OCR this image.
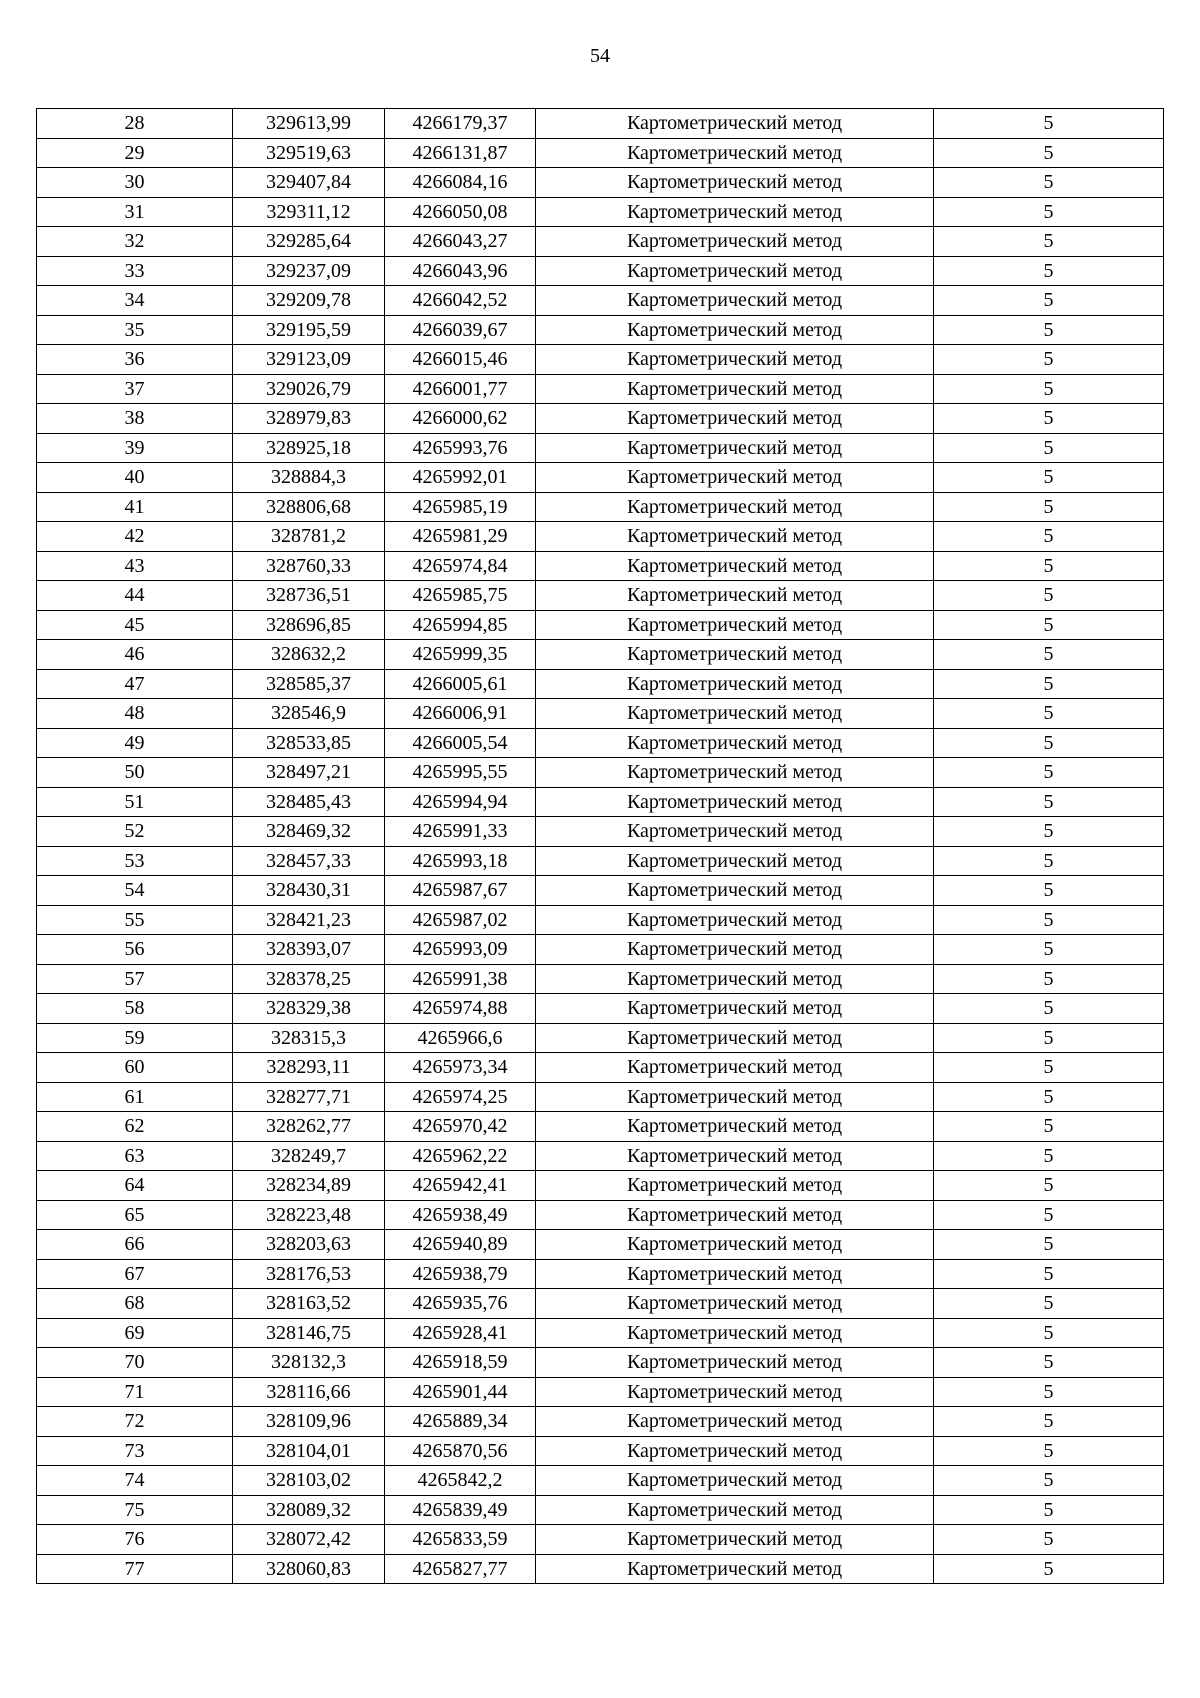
54
28	329613,99	4266179,37	Картометрический метод	5
29	329519,63	4266131,87	Картометрический метод	5
30	329407,84	4266084,16	Картометрический метод	5
31	329311,12	4266050,08	Картометрический метод	5
32	329285,64	4266043,27	Картометрический метод	5
33	329237,09	4266043,96	Картометрический метод	5
34	329209,78	4266042,52	Картометрический метод	5
35	329195,59	4266039,67	Картометрический метод	5
36	329123,09	4266015,46	Картометрический метод	5
37	329026,79	4266001,77	Картометрический метод	5
38	328979,83	4266000,62	Картометрический метод	5
39	328925,18	4265993,76	Картометрический метод	5
40	328884,3	4265992,01	Картометрический метод	5
41	328806,68	4265985,19	Картометрический метод	5
42	328781,2	4265981,29	Картометрический метод	5
43	328760,33	4265974,84	Картометрический метод	5
44	328736,51	4265985,75	Картометрический метод	5
45	328696,85	4265994,85	Картометрический метод	5
46	328632,2	4265999,35	Картометрический метод	5
47	328585,37	4266005,61	Картометрический метод	5
48	328546,9	4266006,91	Картометрический метод	5
49	328533,85	4266005,54	Картометрический метод	5
50	328497,21	4265995,55	Картометрический метод	5
51	328485,43	4265994,94	Картометрический метод	5
52	328469,32	4265991,33	Картометрический метод	5
53	328457,33	4265993,18	Картометрический метод	5
54	328430,31	4265987,67	Картометрический метод	5
55	328421,23	4265987,02	Картометрический метод	5
56	328393,07	4265993,09	Картометрический метод	5
57	328378,25	4265991,38	Картометрический метод	5
58	328329,38	4265974,88	Картометрический метод	5
59	328315,3	4265966,6	Картометрический метод	5
60	328293,11	4265973,34	Картометрический метод	5
61	328277,71	4265974,25	Картометрический метод	5
62	328262,77	4265970,42	Картометрический метод	5
63	328249,7	4265962,22	Картометрический метод	5
64	328234,89	4265942,41	Картометрический метод	5
65	328223,48	4265938,49	Картометрический метод	5
66	328203,63	4265940,89	Картометрический метод	5
67	328176,53	4265938,79	Картометрический метод	5
68	328163,52	4265935,76	Картометрический метод	5
69	328146,75	4265928,41	Картометрический метод	5
70	328132,3	4265918,59	Картометрический метод	5
71	328116,66	4265901,44	Картометрический метод	5
72	328109,96	4265889,34	Картометрический метод	5
73	328104,01	4265870,56	Картометрический метод	5
74	328103,02	4265842,2	Картометрический метод	5
75	328089,32	4265839,49	Картометрический метод	5
76	328072,42	4265833,59	Картометрический метод	5
77	328060,83	4265827,77	Картометрический метод	5
